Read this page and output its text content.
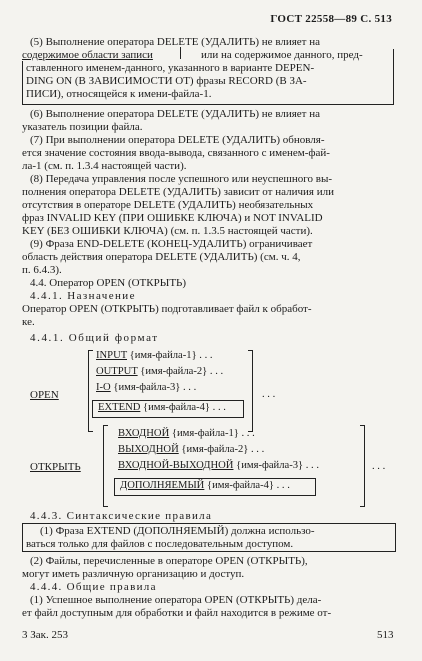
ГОСТ 22558—89 С. 513
(5) Выполнение оператора DELETE (УДАЛИТЬ) не влияет на
содержимое области записи	или на содержимое данного, пред-
ставленного именем-данного, указанного в варианте DEPEN-
DING ON (В ЗАВИСИМОСТИ ОТ) фразы RECORD (В ЗА-
ПИСИ), относящейся к имени-файла-1.
(6) Выполнение оператора DELETE (УДАЛИТЬ) не влияет на
указатель позиции файла.
(7) При выполнении оператора DELETE (УДАЛИТЬ) обновля-
ется значение состояния ввода-вывода, связанного с именем-фай-
ла-1 (см. п. 1.3.4 настоящей части).
(8) Передача управления после успешного или неуспешного вы-
полнения оператора DELETE (УДАЛИТЬ) зависит от наличия или
отсутствия в операторе DELETE (УДАЛИТЬ) необязательных
фраз INVALID KEY (ПРИ ОШИБКЕ КЛЮЧА) и NOT INVALID
KEY (БЕЗ ОШИБКИ КЛЮЧА) (см. п. 1.3.5 настоящей части).
(9) Фраза END-DELETE (КОНЕЦ-УДАЛИТЬ) ограничивает
область действия оператора DELETE (УДАЛИТЬ) (см. ч. 4,
п. 6.4.3).
4.4. Оператор OPEN (ОТКРЫТЬ)
4.4.1. Назначение
Оператор OPEN (ОТКРЫТЬ) подготавливает файл к обработ-
ке.
4.4.1. Общий формат
OPEN
INPUT {имя-файла-1} . . .
OUTPUT {имя-файла-2} . . .
I-O {имя-файла-3} . . .
EXTEND {имя-файла-4} . . .
. . .
ОТКРЫТЬ
ВХОДНОЙ {имя-файла-1} . . .
ВЫХОДНОЙ {имя-файла-2} . . .
ВХОДНОЙ-ВЫХОДНОЙ {имя-файла-3} . . .
ДОПОЛНЯЕМЫЙ {имя-файла-4} . . .
. . .
4.4.3. Синтаксические правила
(1) Фраза EXTEND (ДОПОЛНЯЕМЫЙ) должна использо-
ваться только для файлов с последовательным доступом.
(2) Файлы, перечисленные в операторе OPEN (ОТКРЫТЬ),
могут иметь различную организацию и доступ.
4.4.4. Общие правила
(1) Успешное выполнение оператора OPEN (ОТКРЫТЬ) дела-
ет файл доступным для обработки и файл находится в режиме от-
3 Зак. 253	513
